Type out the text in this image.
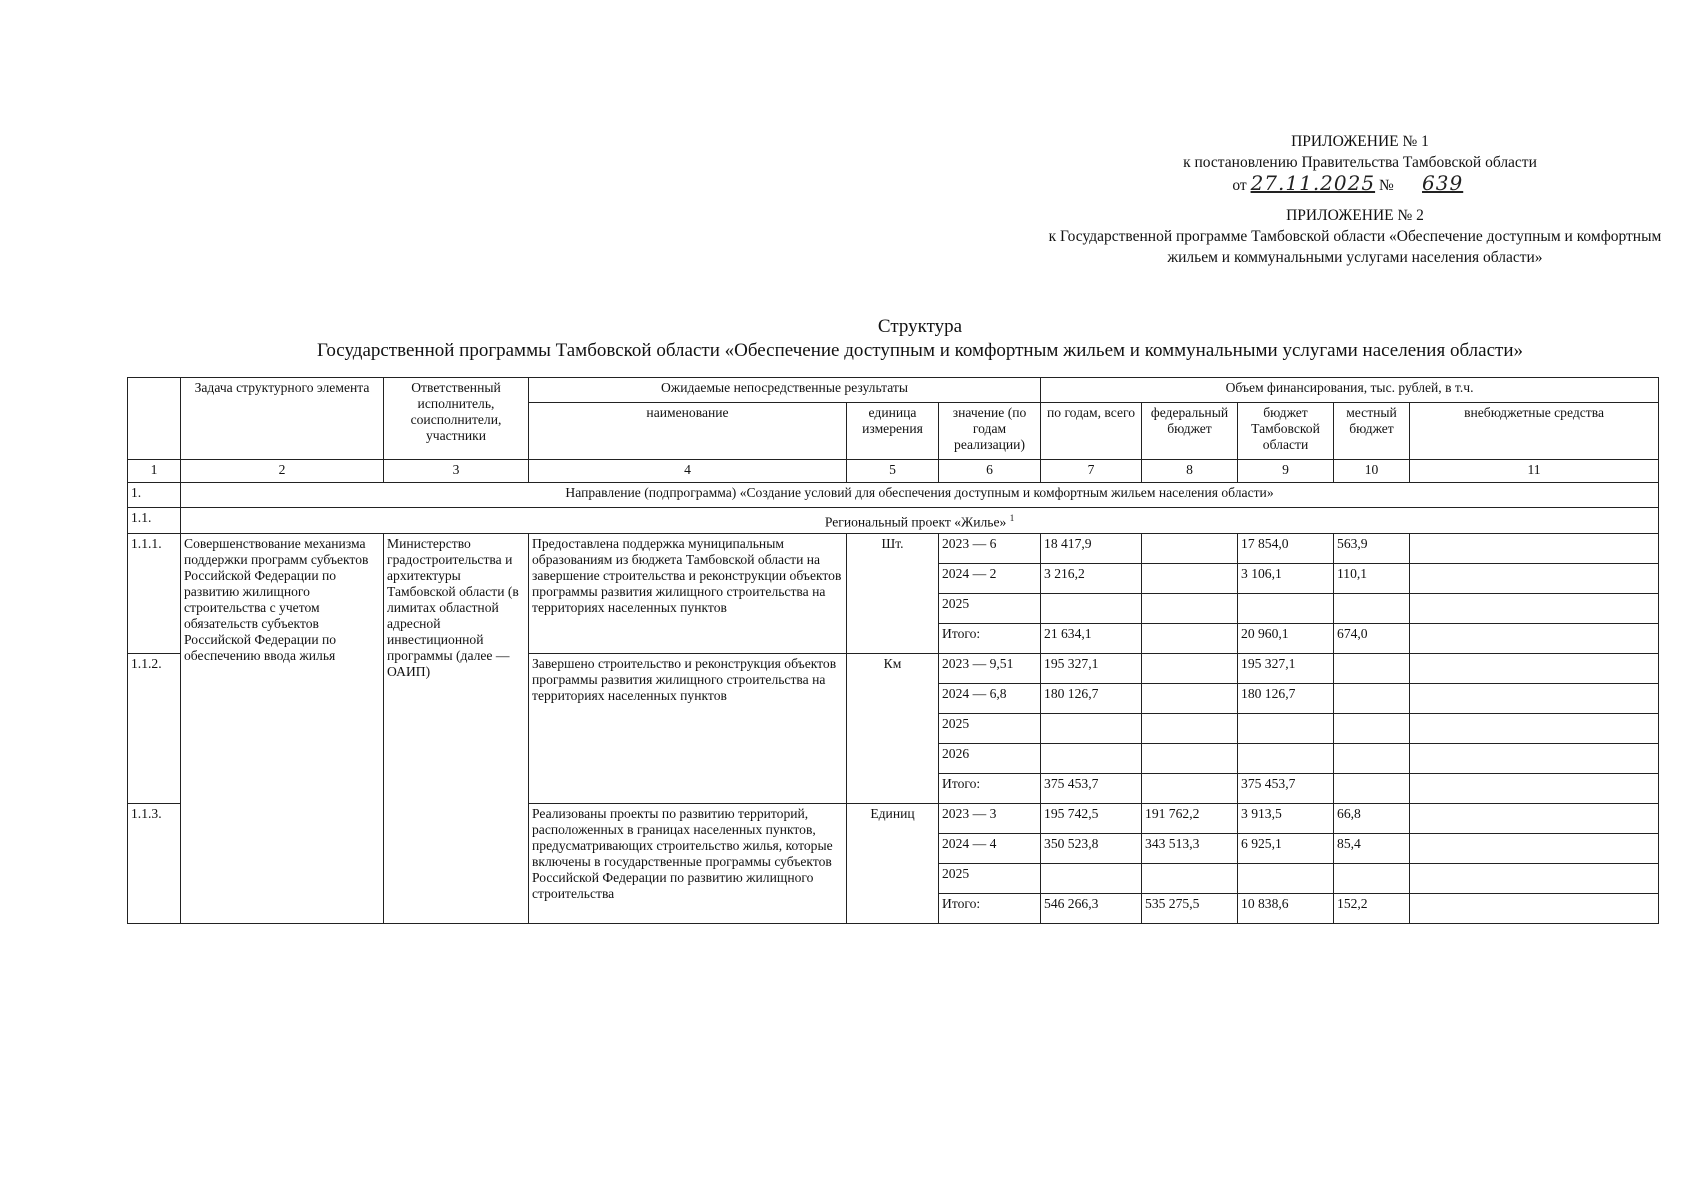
ПРИЛОЖЕНИЕ № 1
к постановлению Правительства Тамбовской области
от 27.11.2025 № 639
ПРИЛОЖЕНИЕ № 2
к Государственной программе Тамбовской области «Обеспечение доступным и комфортным жильем и коммунальными услугами населения области»
Структура
Государственной программы Тамбовской области «Обеспечение доступным и комфортным жильем и коммунальными услугами населения области»
	Задача структурного элемента	Ответственный исполнитель, соисполнители, участники	Ожидаемые непосредственные результаты			Объем финансирования, тыс. рублей, в т.ч.				
			наименование	единица измерения	значение (по годам реализации)	по годам, всего	федеральный бюджет	бюджет Тамбовской области	местный бюджет	внебюджетные средства
1	2	3	4	5	6	7	8	9	10	11
1.	Направление (подпрограмма) «Создание условий для обеспечения доступным и комфортным жильем населения области»									
1.1.	Региональный проект «Жилье» $^1$
1.1.1.	Совершенствование механизма поддержки программ субъектов Российской Федерации по развитию жилищного строительства с учетом обязательств субъектов Российской Федерации по обеспечению ввода жилья	Министерство градостроительства и архитектуры Тамбовской области (в лимитах областной адресной инвестиционной программы (далее — ОАИП)	Предоставлена поддержка муниципальным образованиям из бюджета Тамбовской области на завершение строительства и реконструкции объектов программы развития жилищного строительства на территориях населенных пунктов	Шт.	2023 — 6	18 417,9		17 854,0	563,9	
					2024 — 2	3 216,2		3 106,1	110,1	
					2025					
					Итого:	21 634,1		20 960,1	674,0	
1.1.2.			Завершено строительство и реконструкция объектов программы развития жилищного строительства на территориях населенных пунктов	Км	2023 — 9,51	195 327,1		195 327,1		
					2024 — 6,8	180 126,7		180 126,7		
					2025					
					2026					
					Итого:	375 453,7		375 453,7		
1.1.3.			Реализованы проекты по развитию территорий, расположенных в границах населенных пунктов, предусматривающих строительство жилья, которые включены в государственные программы субъектов Российской Федерации по развитию жилищного строительства	Единиц	2023 — 3	195 742,5	191 762,2	3 913,5	66,8	
					2024 — 4	350 523,8	343 513,3	6 925,1	85,4	
					2025					
					Итого:	546 266,3	535 275,5	10 838,6	152,2	
